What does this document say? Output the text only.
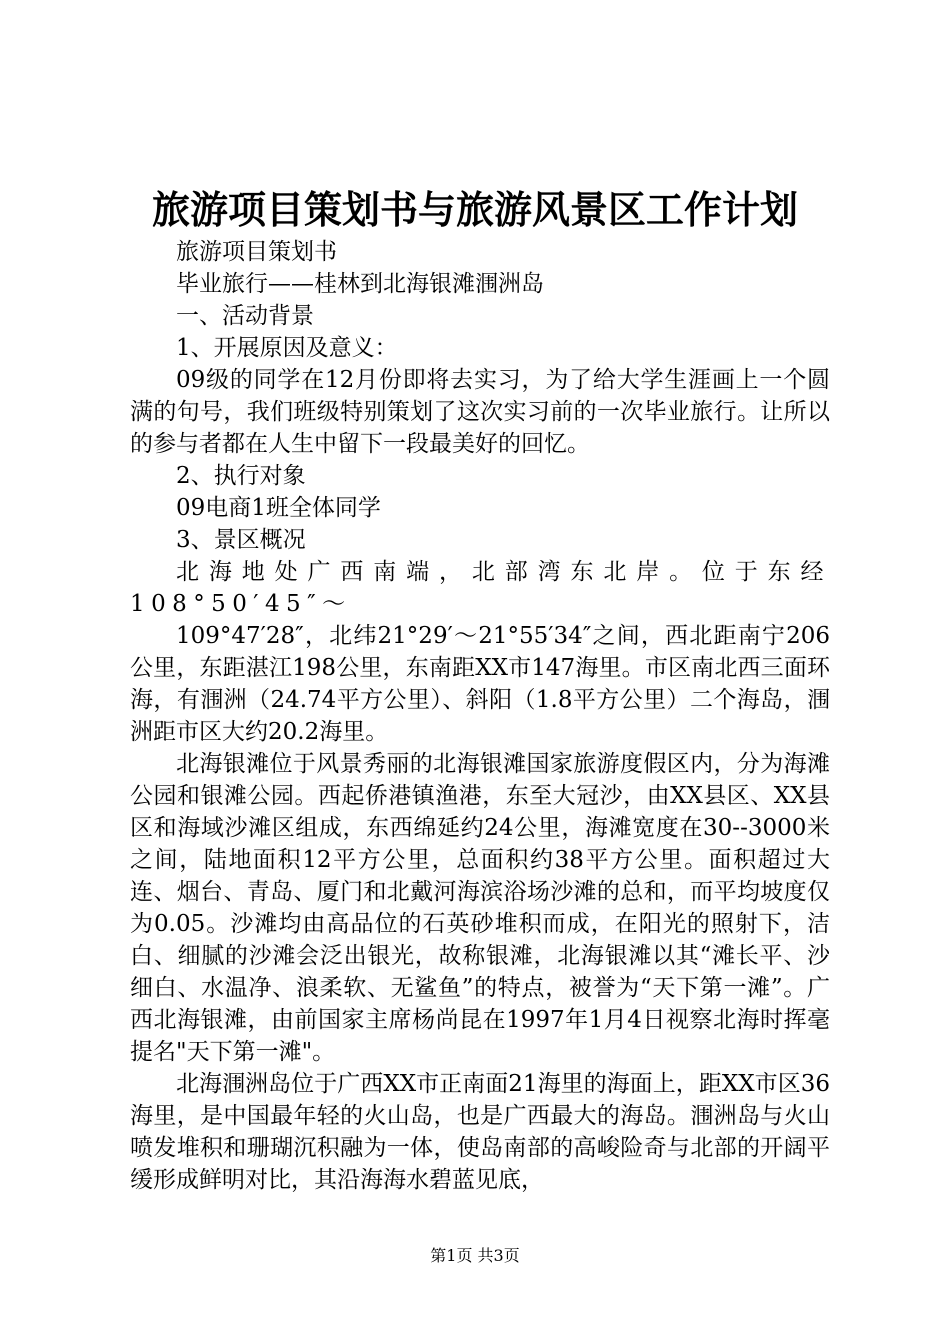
旅游项目策划书与旅游风景区工作计划

旅游项目策划书

毕业旅行——桂林到北海银滩涠洲岛

一、活动背景

1、开展原因及意义：

09级的同学在12月份即将去实习，为了给大学生涯画上一个圆满的句号，我们班级特别策划了这次实习前的一次毕业旅行。让所以的参与者都在人生中留下一段最美好的回忆。

2、执行对象

09电商1班全体同学

3、景区概况

北海地处广西南端，北部湾东北岸。位于东经108°50′45″～

109°47′28″，北纬21°29′～21°55′34″之间，西北距南宁206公里，东距湛江198公里，东南距XX市147海里。市区南北西三面环海，有涠洲（24.74平方公里）、斜阳（1.8平方公里）二个海岛，涠洲距市区大约20.2海里。

北海银滩位于风景秀丽的北海银滩国家旅游度假区内，分为海滩公园和银滩公园。西起侨港镇渔港，东至大冠沙，由XX县区、XX县区和海域沙滩区组成，东西绵延约24公里，海滩宽度在30--3000米之间，陆地面积12平方公里，总面积约38平方公里。面积超过大连、烟台、青岛、厦门和北戴河海滨浴场沙滩的总和，而平均坡度仅为0.05。沙滩均由高品位的石英砂堆积而成，在阳光的照射下，洁白、细腻的沙滩会泛出银光，故称银滩，北海银滩以其“滩长平、沙细白、水温净、浪柔软、无鲨鱼”的特点，被誉为“天下第一滩”。广西北海银滩，由前国家主席杨尚昆在1997年1月4日视察北海时挥毫提名"天下第一滩"。

北海涠洲岛位于广西XX市正南面21海里的海面上，距XX市区36海里，是中国最年轻的火山岛，也是广西最大的海岛。涠洲岛与火山喷发堆积和珊瑚沉积融为一体，使岛南部的高峻险奇与北部的开阔平缓形成鲜明对比，其沿海海水碧蓝见底，

第1页 共3页
